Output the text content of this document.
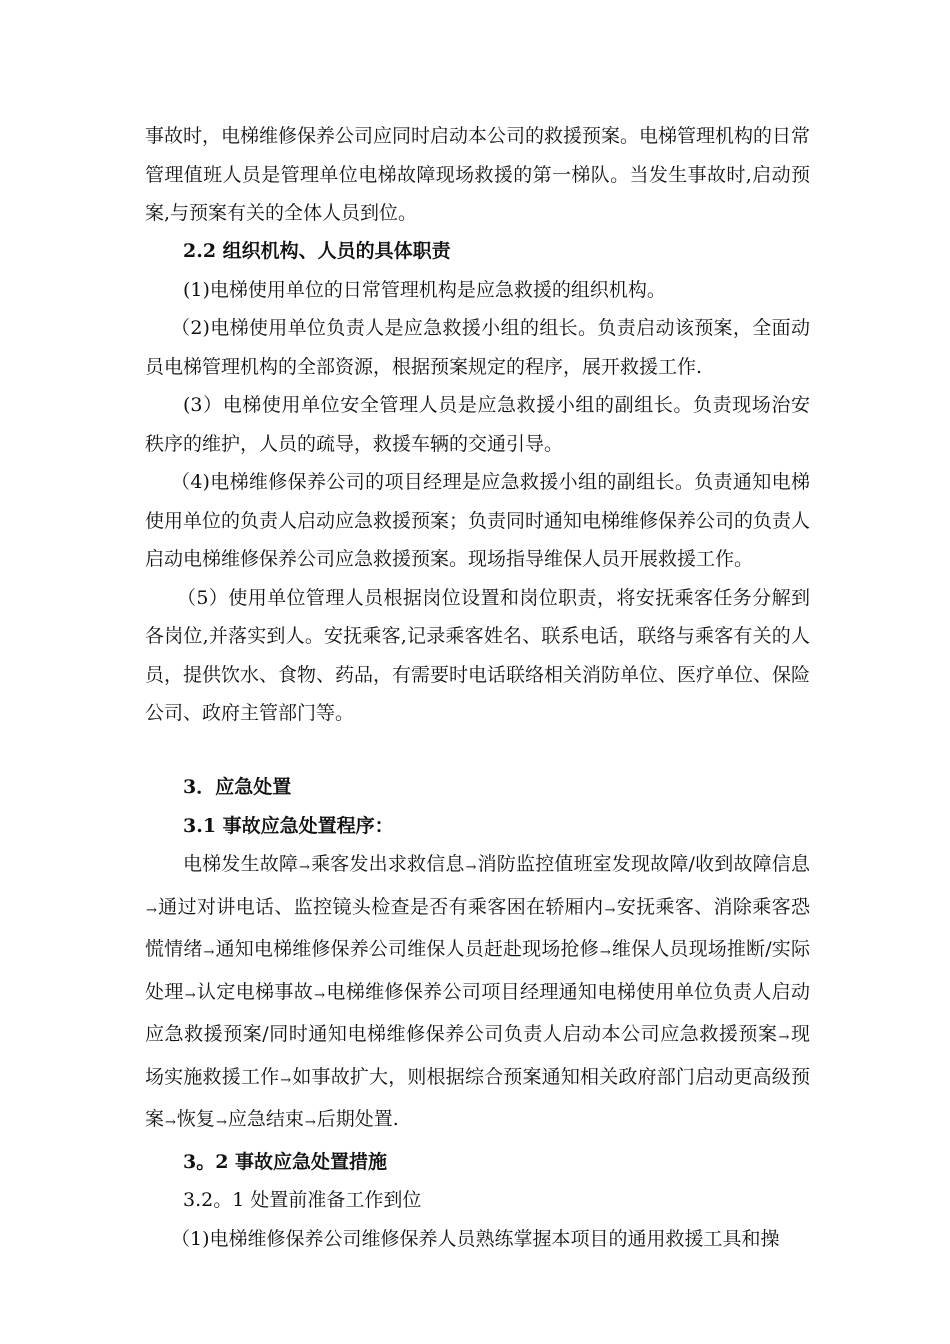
事故时，电梯维修保养公司应同时启动本公司的救援预案。电梯管理机构的日常管理值班人员是管理单位电梯故障现场救援的第一梯队。当发生事故时,启动预案,与预案有关的全体人员到位。

2.2 组织机构、人员的具体职责

(1)电梯使用单位的日常管理机构是应急救援的组织机构。

（2)电梯使用单位负责人是应急救援小组的组长。负责启动该预案，全面动员电梯管理机构的全部资源，根据预案规定的程序，展开救援工作.

(3）电梯使用单位安全管理人员是应急救援小组的副组长。负责现场治安秩序的维护，人员的疏导，救援车辆的交通引导。

（4)电梯维修保养公司的项目经理是应急救援小组的副组长。负责通知电梯使用单位的负责人启动应急救援预案；负责同时通知电梯维修保养公司的负责人启动电梯维修保养公司应急救援预案。现场指导维保人员开展救援工作。

（5）使用单位管理人员根据岗位设置和岗位职责，将安抚乘客任务分解到各岗位,并落实到人。安抚乘客,记录乘客姓名、联系电话，联络与乘客有关的人员，提供饮水、食物、药品，有需要时电话联络相关消防单位、医疗单位、保险公司、政府主管部门等。

3．应急处置

3.1 事故应急处置程序：

电梯发生故障→乘客发出求救信息→消防监控值班室发现故障/收到故障信息→通过对讲电话、监控镜头检查是否有乘客困在轿厢内→安抚乘客、消除乘客恐慌情绪→通知电梯维修保养公司维保人员赶赴现场抢修→维保人员现场推断/实际处理→认定电梯事故→电梯维修保养公司项目经理通知电梯使用单位负责人启动应急救援预案/同时通知电梯维修保养公司负责人启动本公司应急救援预案→现场实施救援工作→如事故扩大，则根据综合预案通知相关政府部门启动更高级预案→恢复→应急结束→后期处置.

3。2 事故应急处置措施

3.2。1 处置前准备工作到位

（1)电梯维修保养公司维修保养人员熟练掌握本项目的通用救援工具和操
